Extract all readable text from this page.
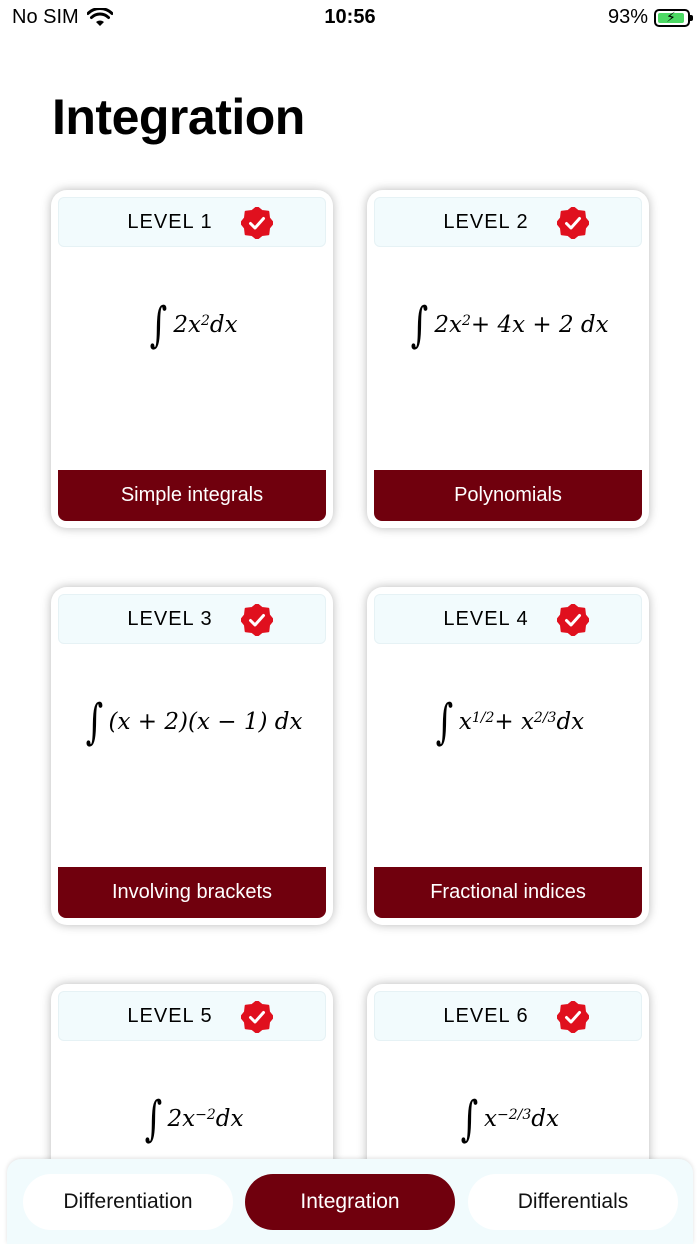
No SIM	10:56	93% ⚡
Integration
LEVEL 1
∫ $2x^2$ dx
Simple integrals
LEVEL 2
∫ $2x^2 + 4x + 2$ dx
Polynomials
LEVEL 3
∫ (x + 2)(x − 1) dx
Involving brackets
LEVEL 4
∫ $x^{1/2} + x^{2/3}$ dx
Fractional indices
LEVEL 5
∫ $2x^{-2}$ dx
LEVEL 6
∫ $x^{-2/3}$ dx
Differentiation	Integration	Differentials
